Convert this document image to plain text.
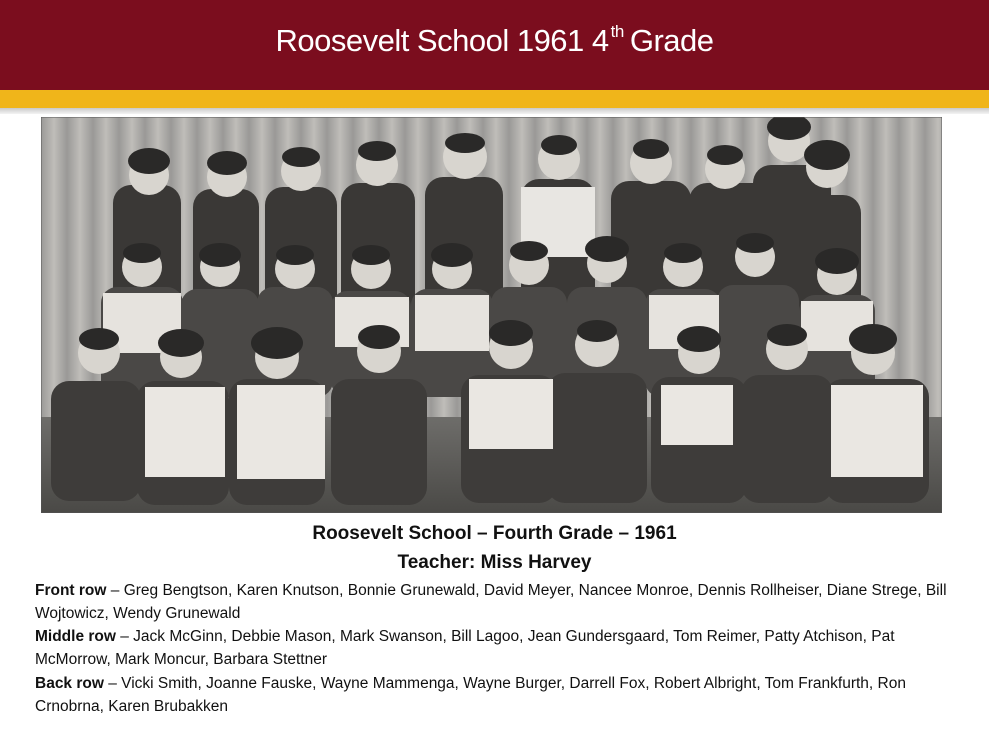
Roosevelt School 1961 4 $^{th}$ Grade
Roosevelt School – Fourth Grade – 1961
Teacher: Miss Harvey
Front row – Greg Bengtson, Karen Knutson, Bonnie Grunewald, David Meyer, Nancee Monroe, Dennis Rollheiser, Diane Strege, Bill Wojtowicz, Wendy Grunewald
Middle row – Jack McGinn, Debbie Mason, Mark Swanson, Bill Lagoo, Jean Gundersgaard, Tom Reimer, Patty Atchison, Pat McMorrow, Mark Moncur, Barbara Stettner
Back row – Vicki Smith, Joanne Fauske, Wayne Mammenga, Wayne Burger, Darrell Fox, Robert Albright, Tom Frankfurth, Ron Crnobrna, Karen Brubakken
